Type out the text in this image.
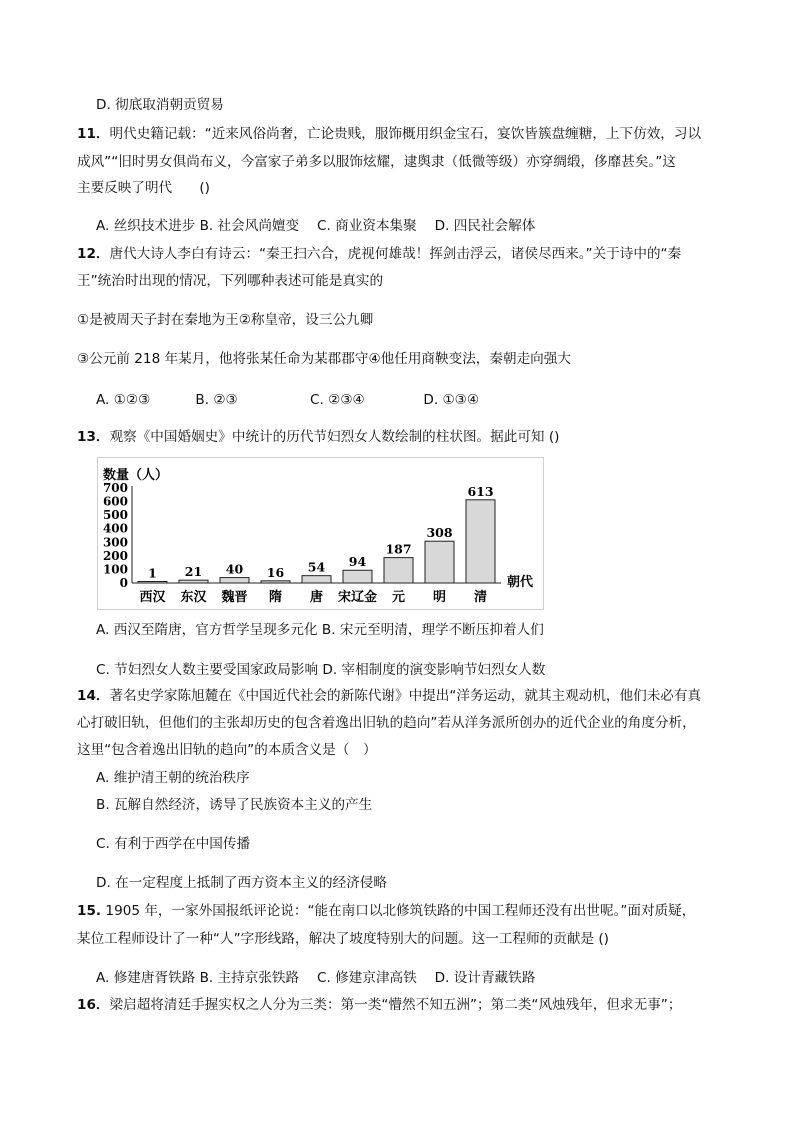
D. 彻底取消朝贡贸易
11．明代史籍记载：“近来风俗尚奢，亡论贵贱，服饰概用织金宝石，宴饮皆簇盘缠糖，上下仿效，习以
成风”“旧时男女俱尚布义，今富家子弟多以服饰炫耀，逮舆隶（低微等级）亦穿绸缎，侈靡甚矣。”这
主要反映了明代　　()
A. 丝织技术进步 B. 社会风尚嬗变　 C. 商业资本集聚　 D. 四民社会解体
12．唐代大诗人李白有诗云：“秦王扫六合，虎视何雄哉！挥剑击浮云，诸侯尽西来。”关于诗中的“秦
王”统治时出现的情况，下列哪种表述可能是真实的
①是被周天子封在秦地为王②称皇帝，设三公九卿
③公元前 218 年某月，他将张某任命为某郡郡守④他任用商鞅变法，秦朝走向强大
A. ①②③　　　 B. ②③　　　　　 C. ②③④　　　　 D. ①③④
13．观察《中国婚姻史》中统计的历代节妇烈女人数绘制的柱状图。据此可知 ()
数量（人）
朝代
0
100
200
300
400
500
600
700
1 21 40 16 54 94
187
308
613
西汉 东汉 魏晋 隋 唐 宋辽金 元 明 清
A. 西汉至隋唐，官方哲学呈现多元化 B. 宋元至明清，理学不断压抑着人们
C. 节妇烈女人数主要受国家政局影响 D. 宰相制度的演变影响节妇烈女人数
14．著名史学家陈旭麓在《中国近代社会的新陈代谢》中提出“洋务运动，就其主观动机，他们未必有真
心打破旧轨，但他们的主张却历史的包含着逸出旧轨的趋向”若从洋务派所创办的近代企业的角度分析，
这里“包含着逸出旧轨的趋向”的本质含义是（　）
A. 维护清王朝的统治秩序
B. 瓦解自然经济，诱导了民族资本主义的产生
C. 有利于西学在中国传播
D. 在一定程度上抵制了西方资本主义的经济侵略
15. 1905 年，一家外国报纸评论说：“能在南口以北修筑铁路的中国工程师还没有出世呢。”面对质疑，
某位工程师设计了一种“人”字形线路，解决了坡度特别大的问题。这一工程师的贡献是 ()
A. 修建唐胥铁路 B. 主持京张铁路　 C. 修建京津高铁　 D. 设计青藏铁路
16．梁启超将清廷手握实权之人分为三类：第一类“懵然不知五洲”；第二类“风烛残年，但求无事”；
